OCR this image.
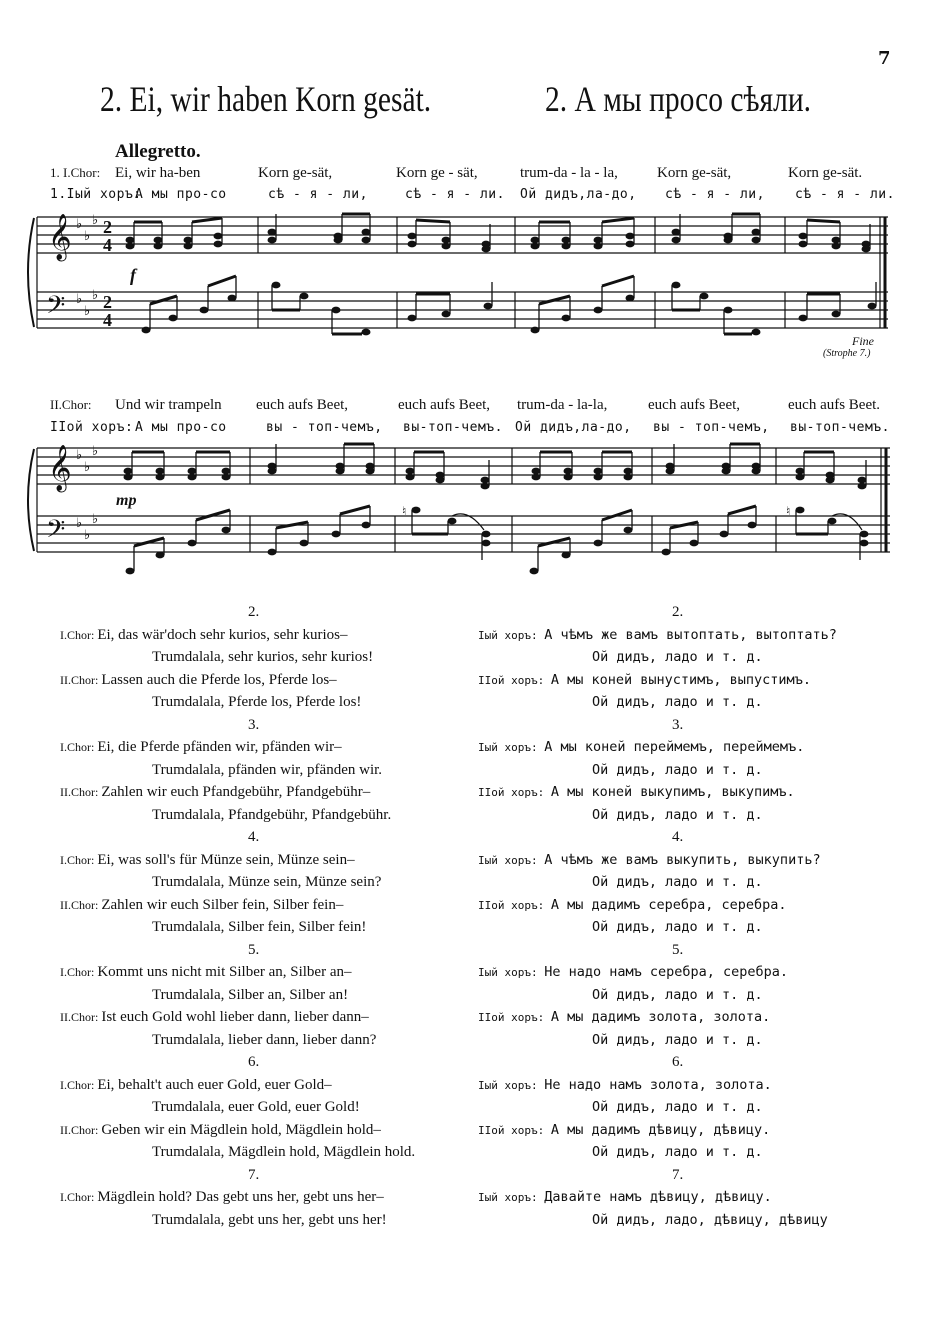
7
2. Ei, wir haben Korn gesät.	2. А мы просо сѣяли.
Allegretto.
1. I.Chor: Ei, wir ha-ben	Korn ge-sät,	Korn ge - sät,	trum-da - la - la,	Korn ge-sät,	Korn ge-sät.
1.Iый хоръ:
А мы про-со	сѣ - я - ли,	сѣ - я - ли. Ой дидъ,ла-до, сѣ - я - ли, сѣ - я - ли.
𝄞
𝄢
♭
♭
♭
♭
♭
♭
2
4
2
4
f
Fine
(Strophe 7.)
II.Chor: Und wir trampeln euch aufs Beet,	euch aufs Beet, trum-da - la-la,	euch aufs Beet,	euch aufs Beet.
IIой хоръ: А мы про-со	вы - топ-чемъ, вы-топ-чемъ. Ой дидъ,ла-до, вы - топ-чемъ, вы-топ-чемъ.
𝄞
𝄢
♭
♭
♭
♭
♭
♭
♮	♮
mp
2.
I.Chor: Ei, das wär'doch sehr kurios, sehr kurios–
Trumdalala, sehr kurios, sehr kurios!
II.Chor: Lassen auch die Pferde los, Pferde los–
Trumdalala, Pferde los, Pferde los!
3.
I.Chor: Ei, die Pferde pfänden wir, pfänden wir–
Trumdalala, pfänden wir, pfänden wir.
II.Chor: Zahlen wir euch Pfandgebühr, Pfandgebühr–
Trumdalala, Pfandgebühr, Pfandgebühr.
4.
I.Chor: Ei, was soll's für Münze sein, Münze sein–
Trumdalala, Münze sein, Münze sein?
II.Chor: Zahlen wir euch Silber fein, Silber fein–
Trumdalala, Silber fein, Silber fein!
5.
I.Chor: Kommt uns nicht mit Silber an, Silber an–
Trumdalala, Silber an, Silber an!
II.Chor: Ist euch Gold wohl lieber dann, lieber dann–
Trumdalala, lieber dann, lieber dann?
6.
I.Chor: Ei, behalt't auch euer Gold, euer Gold–
Trumdalala, euer Gold, euer Gold!
II.Chor: Geben wir ein Mägdlein hold, Mägdlein hold–
Trumdalala, Mägdlein hold, Mägdlein hold.
7.
I.Chor: Mägdlein hold? Das gebt uns her, gebt uns her–
Trumdalala, gebt uns her, gebt uns her!
2.
Iый хоръ: А чѣмъ же вамъ вытоптать, вытоптать?
Ой дидъ, ладо и т. д.
IIой хоръ: А мы коней вынустимъ, выпустимъ.
Ой дидъ, ладо и т. д.
3.
Iый хоръ: А мы коней переймемъ, переймемъ.
Ой дидъ, ладо и т. д.
IIой хоръ: А мы коней выкупимъ, выкупимъ.
Ой дидъ, ладо и т. д.
4.
Iый хоръ: А чѣмъ же вамъ выкупить, выкупить?
Ой дидъ, ладо и т. д.
IIой хоръ: А мы дадимъ серебра, серебра.
Ой дидъ, ладо и т. д.
5.
Iый хоръ: Не надо намъ серебра, серебра.
Ой дидъ, ладо и т. д.
IIой хоръ: А мы дадимъ золота, золота.
Ой дидъ, ладо и т. д.
6.
Iый хоръ: Не надо намъ золота, золота.
Ой дидъ, ладо и т. д.
IIой хоръ: А мы дадимъ дѣвицу, дѣвицу.
Ой дидъ, ладо и т. д.
7.
Iый хоръ: Давайте намъ дѣвицу, дѣвицу.
Ой дидъ, ладо, дѣвицу, дѣвицу
